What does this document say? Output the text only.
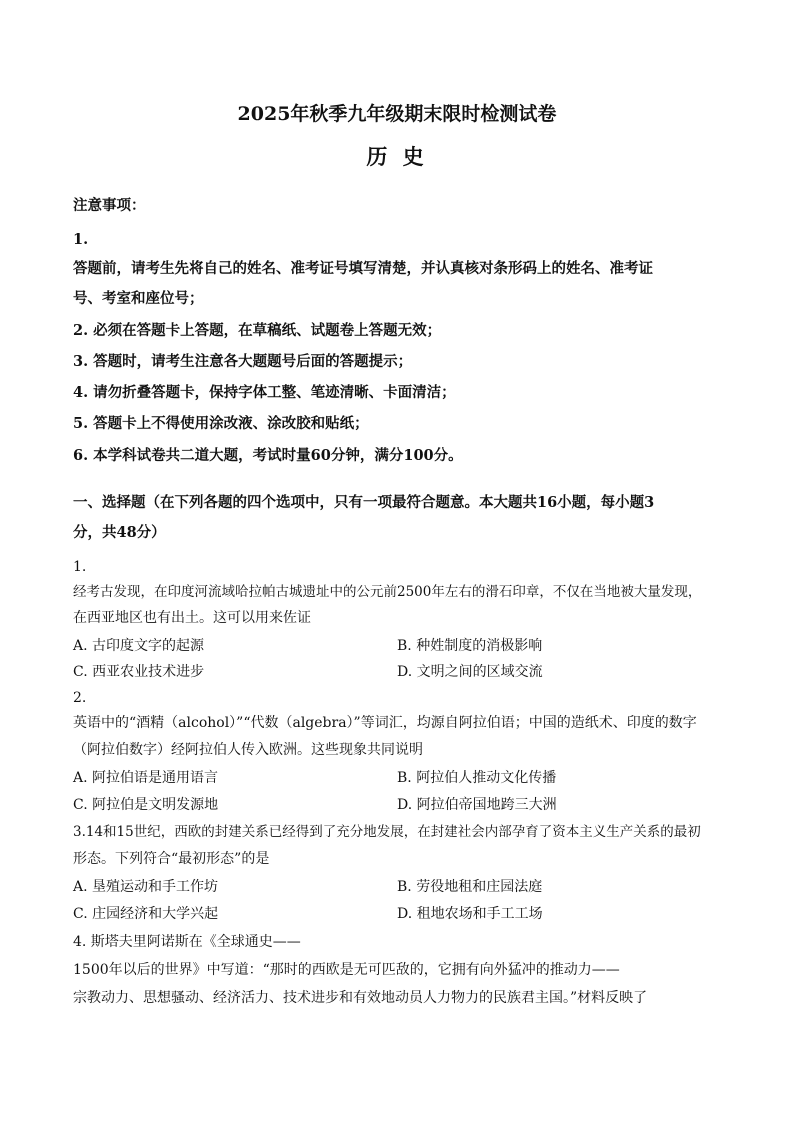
2025年秋季九年级期末限时检测试卷
历 史
注意事项：
1.
答题前，请考生先将自己的姓名、准考证号填写清楚，并认真核对条形码上的姓名、准考证
号、考室和座位号；
2. 必须在答题卡上答题，在草稿纸、试题卷上答题无效；
3. 答题时，请考生注意各大题题号后面的答题提示；
4. 请勿折叠答题卡，保持字体工整、笔迹清晰、卡面清洁；
5. 答题卡上不得使用涂改液、涂改胶和贴纸；
6. 本学科试卷共二道大题，考试时量60分钟，满分100分。
一、选择题（在下列各题的四个选项中，只有一项最符合题意。本大题共16小题，每小题3
分，共48分）
1.
经考古发现，在印度河流域哈拉帕古城遗址中的公元前2500年左右的滑石印章，不仅在当地被大量发现，
在西亚地区也有出土。这可以用来佐证
A. 古印度文字的起源	B. 种姓制度的消极影响
C. 西亚农业技术进步	D. 文明之间的区域交流
2.
英语中的“酒精（alcohol）”“代数（algebra）”等词汇，均源自阿拉伯语；中国的造纸术、印度的数字
（阿拉伯数字）经阿拉伯人传入欧洲。这些现象共同说明
A. 阿拉伯语是通用语言	B. 阿拉伯人推动文化传播
C. 阿拉伯是文明发源地	D. 阿拉伯帝国地跨三大洲
3.14和15世纪，西欧的封建关系已经得到了充分地发展，在封建社会内部孕育了资本主义生产关系的最初
形态。下列符合“最初形态”的是
A. 垦殖运动和手工作坊	B. 劳役地租和庄园法庭
C. 庄园经济和大学兴起	D. 租地农场和手工工场
4. 斯塔夫里阿诺斯在《全球通史——
1500年以后的世界》中写道：“那时的西欧是无可匹敌的，它拥有向外猛冲的推动力——
宗教动力、思想骚动、经济活力、技术进步和有效地动员人力物力的民族君主国。”材料反映了
